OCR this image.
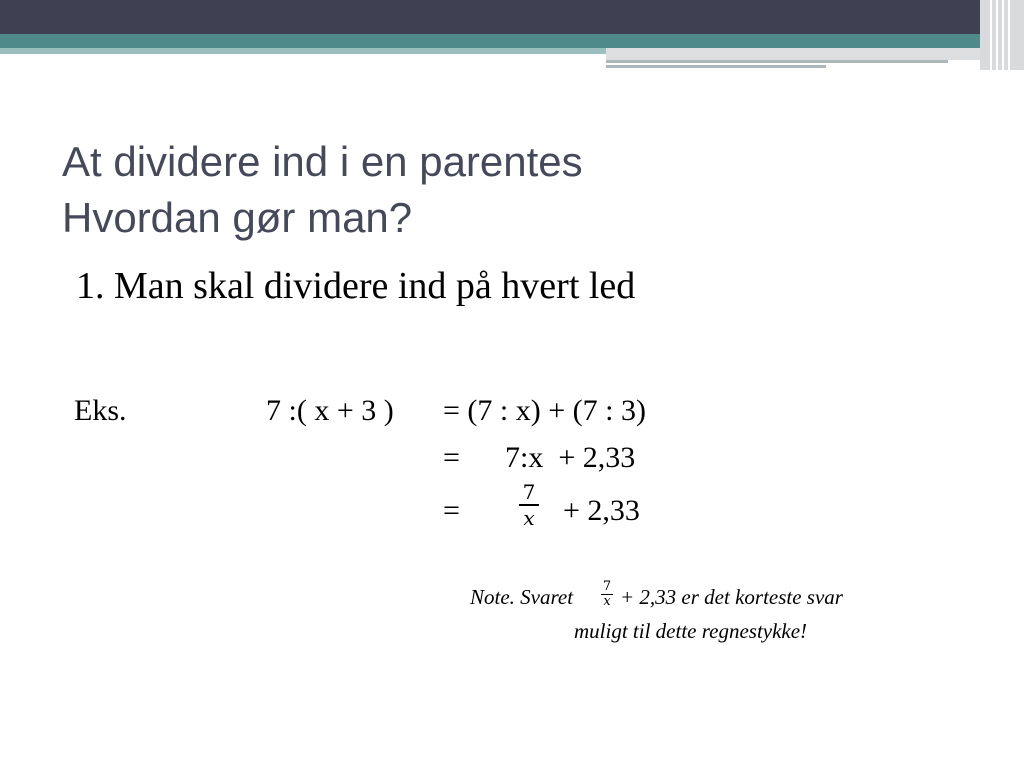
At dividere ind i en parentes
Hvordan gør man?
1. Man skal dividere ind på hvert led
Eks.	7 :( x + 3 ) = (7 : x) + (7 : 3)
= 7:x  + 2,33
=
7
x + 2,33
Note. Svaret 7
x + 2,33 er det korteste svar
muligt til dette regnestykke!
